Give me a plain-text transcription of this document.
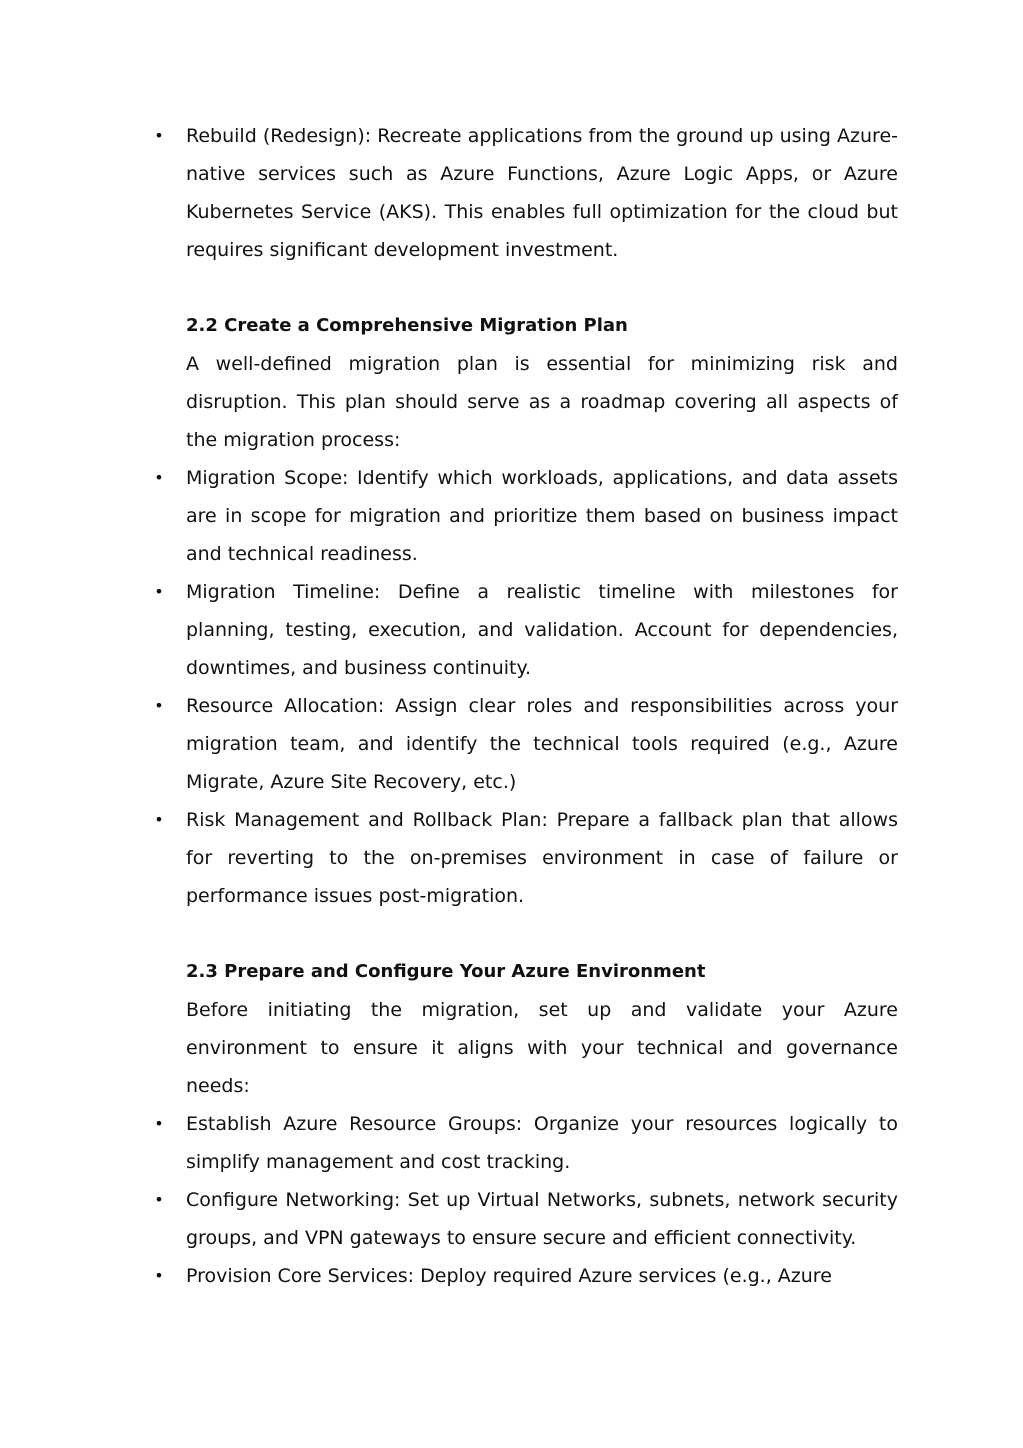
• Rebuild (Redesign): Recreate applications from the ground up using Azure-native services such as Azure Functions, Azure Logic Apps, or Azure Kubernetes Service (AKS). This enables full optimization for the cloud but requires significant development investment.

2.2 Create a Comprehensive Migration Plan

A well-defined migration plan is essential for minimizing risk and disruption. This plan should serve as a roadmap covering all aspects of the migration process:

• Migration Scope: Identify which workloads, applications, and data assets are in scope for migration and prioritize them based on business impact and technical readiness.

• Migration Timeline: Define a realistic timeline with milestones for planning, testing, execution, and validation. Account for dependencies, downtimes, and business continuity.

• Resource Allocation: Assign clear roles and responsibilities across your migration team, and identify the technical tools required (e.g., Azure Migrate, Azure Site Recovery, etc.)

• Risk Management and Rollback Plan: Prepare a fallback plan that allows for reverting to the on-premises environment in case of failure or performance issues post-migration.

2.3 Prepare and Configure Your Azure Environment

Before initiating the migration, set up and validate your Azure environment to ensure it aligns with your technical and governance needs:

• Establish Azure Resource Groups: Organize your resources logically to simplify management and cost tracking.

• Configure Networking: Set up Virtual Networks, subnets, network security groups, and VPN gateways to ensure secure and efficient connectivity.

• Provision Core Services: Deploy required Azure services (e.g., Azure
